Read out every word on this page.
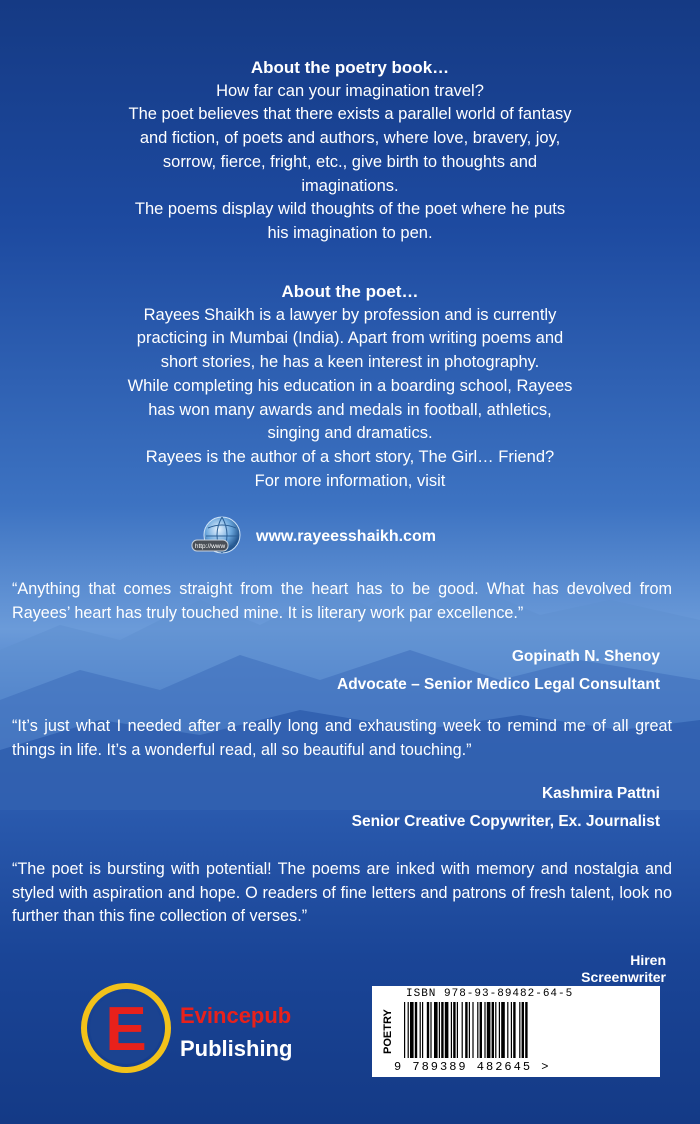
About the poetry book…

How far can your imagination travel?

The poet believes that there exists a parallel world of fantasy

and fiction, of poets and authors, where love, bravery, joy,

sorrow, fierce, fright, etc., give birth to thoughts and

imaginations.

The poems display wild thoughts of the poet where he puts

his imagination to pen.

About the poet…

Rayees Shaikh is a lawyer by profession and is currently

practicing in Mumbai (India). Apart from writing poems and

short stories, he has a keen interest in photography.

While completing his education in a boarding school, Rayees

has won many awards and medals in football, athletics,

singing and dramatics.

Rayees is the author of a short story, The Girl… Friend?

For more information, visit

http://www
www.rayeesshaikh.com

“Anything that comes straight from the heart has to be good. What has devolved from Rayees’ heart has truly touched mine. It is literary work par excellence.”

Gopinath N. Shenoy
Advocate – Senior Medico Legal Consultant

“It’s just what I needed after a really long and exhausting week to remind me of all great things in life. It’s a wonderful read, all so beautiful and touching.”

Kashmira Pattni
Senior Creative Copywriter, Ex. Journalist

“The poet is bursting with potential! The poems are inked with memory and nostalgia and styled with aspiration and hope. O readers of fine letters and patrons of fresh talent, look no further than this fine collection of verses.”

Hiren
Screenwriter
E Evincepub
Publishing
ISBN 978-93-89482-64-5
POETRY
9 789389 482645 >
